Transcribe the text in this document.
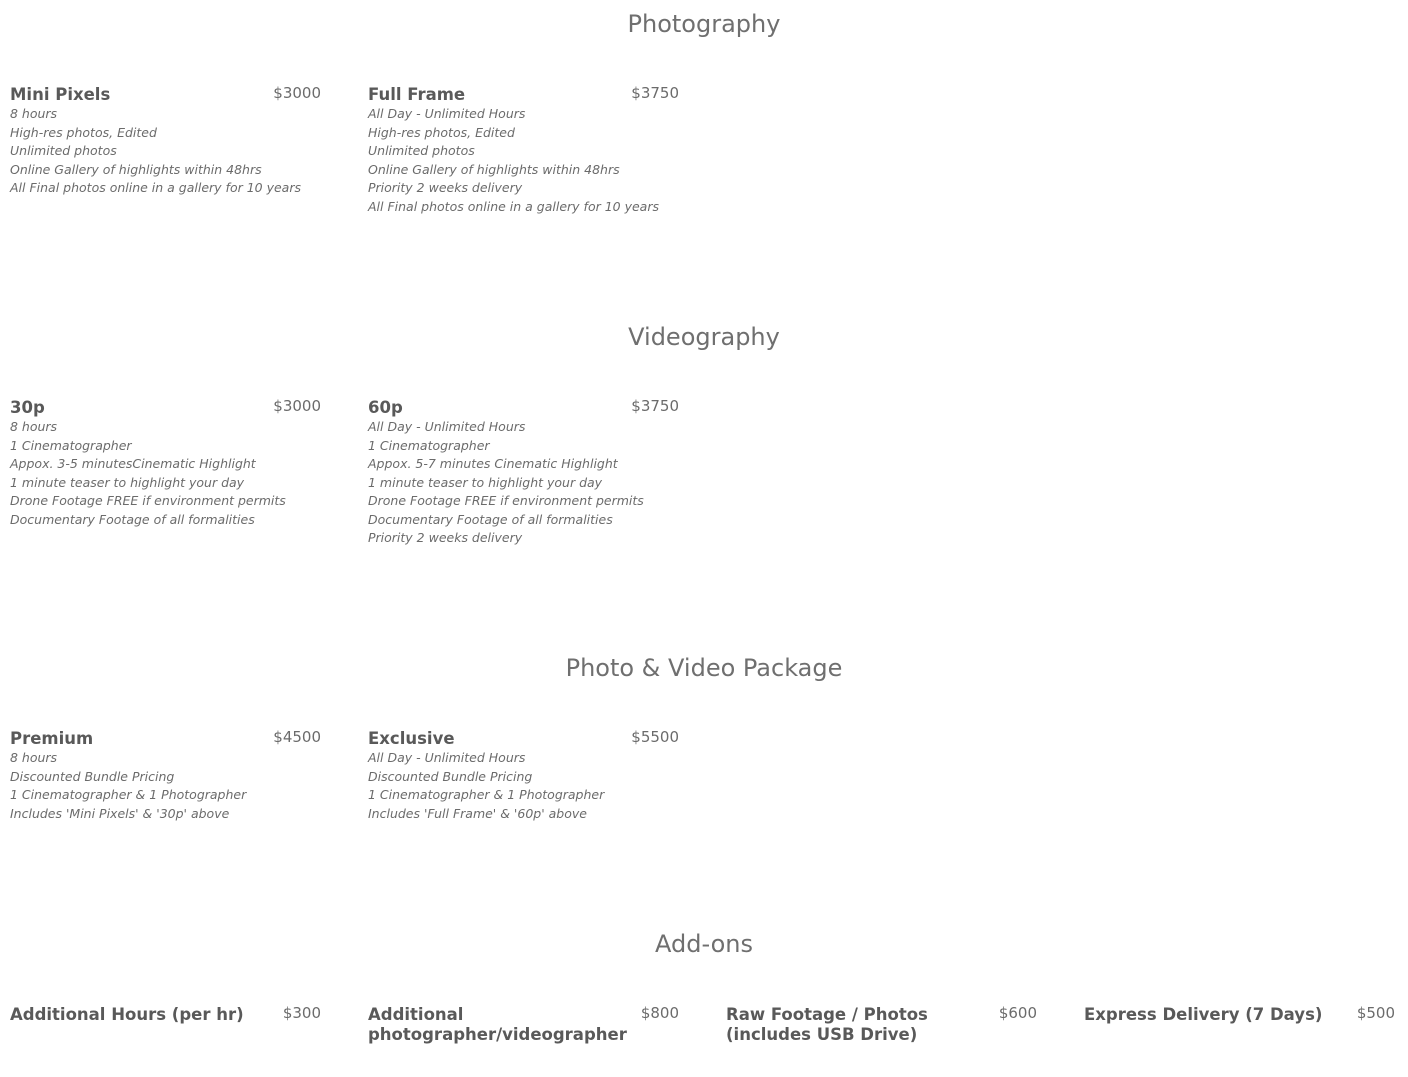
Photography
Mini Pixels	$3000
8 hours
High-res photos, Edited
Unlimited photos
Online Gallery of highlights within 48hrs
All Final photos online in a gallery for 10 years
Full Frame	$3750
All Day - Unlimited Hours
High-res photos, Edited
Unlimited photos
Online Gallery of highlights within 48hrs
Priority 2 weeks delivery
All Final photos online in a gallery for 10 years
Videography
30p	$3000
8 hours
1 Cinematographer
Appox. 3-5 minutesCinematic Highlight
1 minute teaser to highlight your day
Drone Footage FREE if environment permits
Documentary Footage of all formalities
60p	$3750
All Day - Unlimited Hours
1 Cinematographer
Appox. 5-7 minutes Cinematic Highlight
1 minute teaser to highlight your day
Drone Footage FREE if environment permits
Documentary Footage of all formalities
Priority 2 weeks delivery
Photo & Video Package
Premium	$4500
8 hours
Discounted Bundle Pricing
1 Cinematographer & 1 Photographer
Includes 'Mini Pixels' & '30p' above
Exclusive	$5500
All Day - Unlimited Hours
Discounted Bundle Pricing
1 Cinematographer & 1 Photographer
Includes 'Full Frame' & '60p' above
Add-ons
Additional Hours (per hr)	$300	Additional photographer/videographer
$800	Raw Footage / Photos (includes USB Drive)
$600	Express Delivery (7 Days)	$500
